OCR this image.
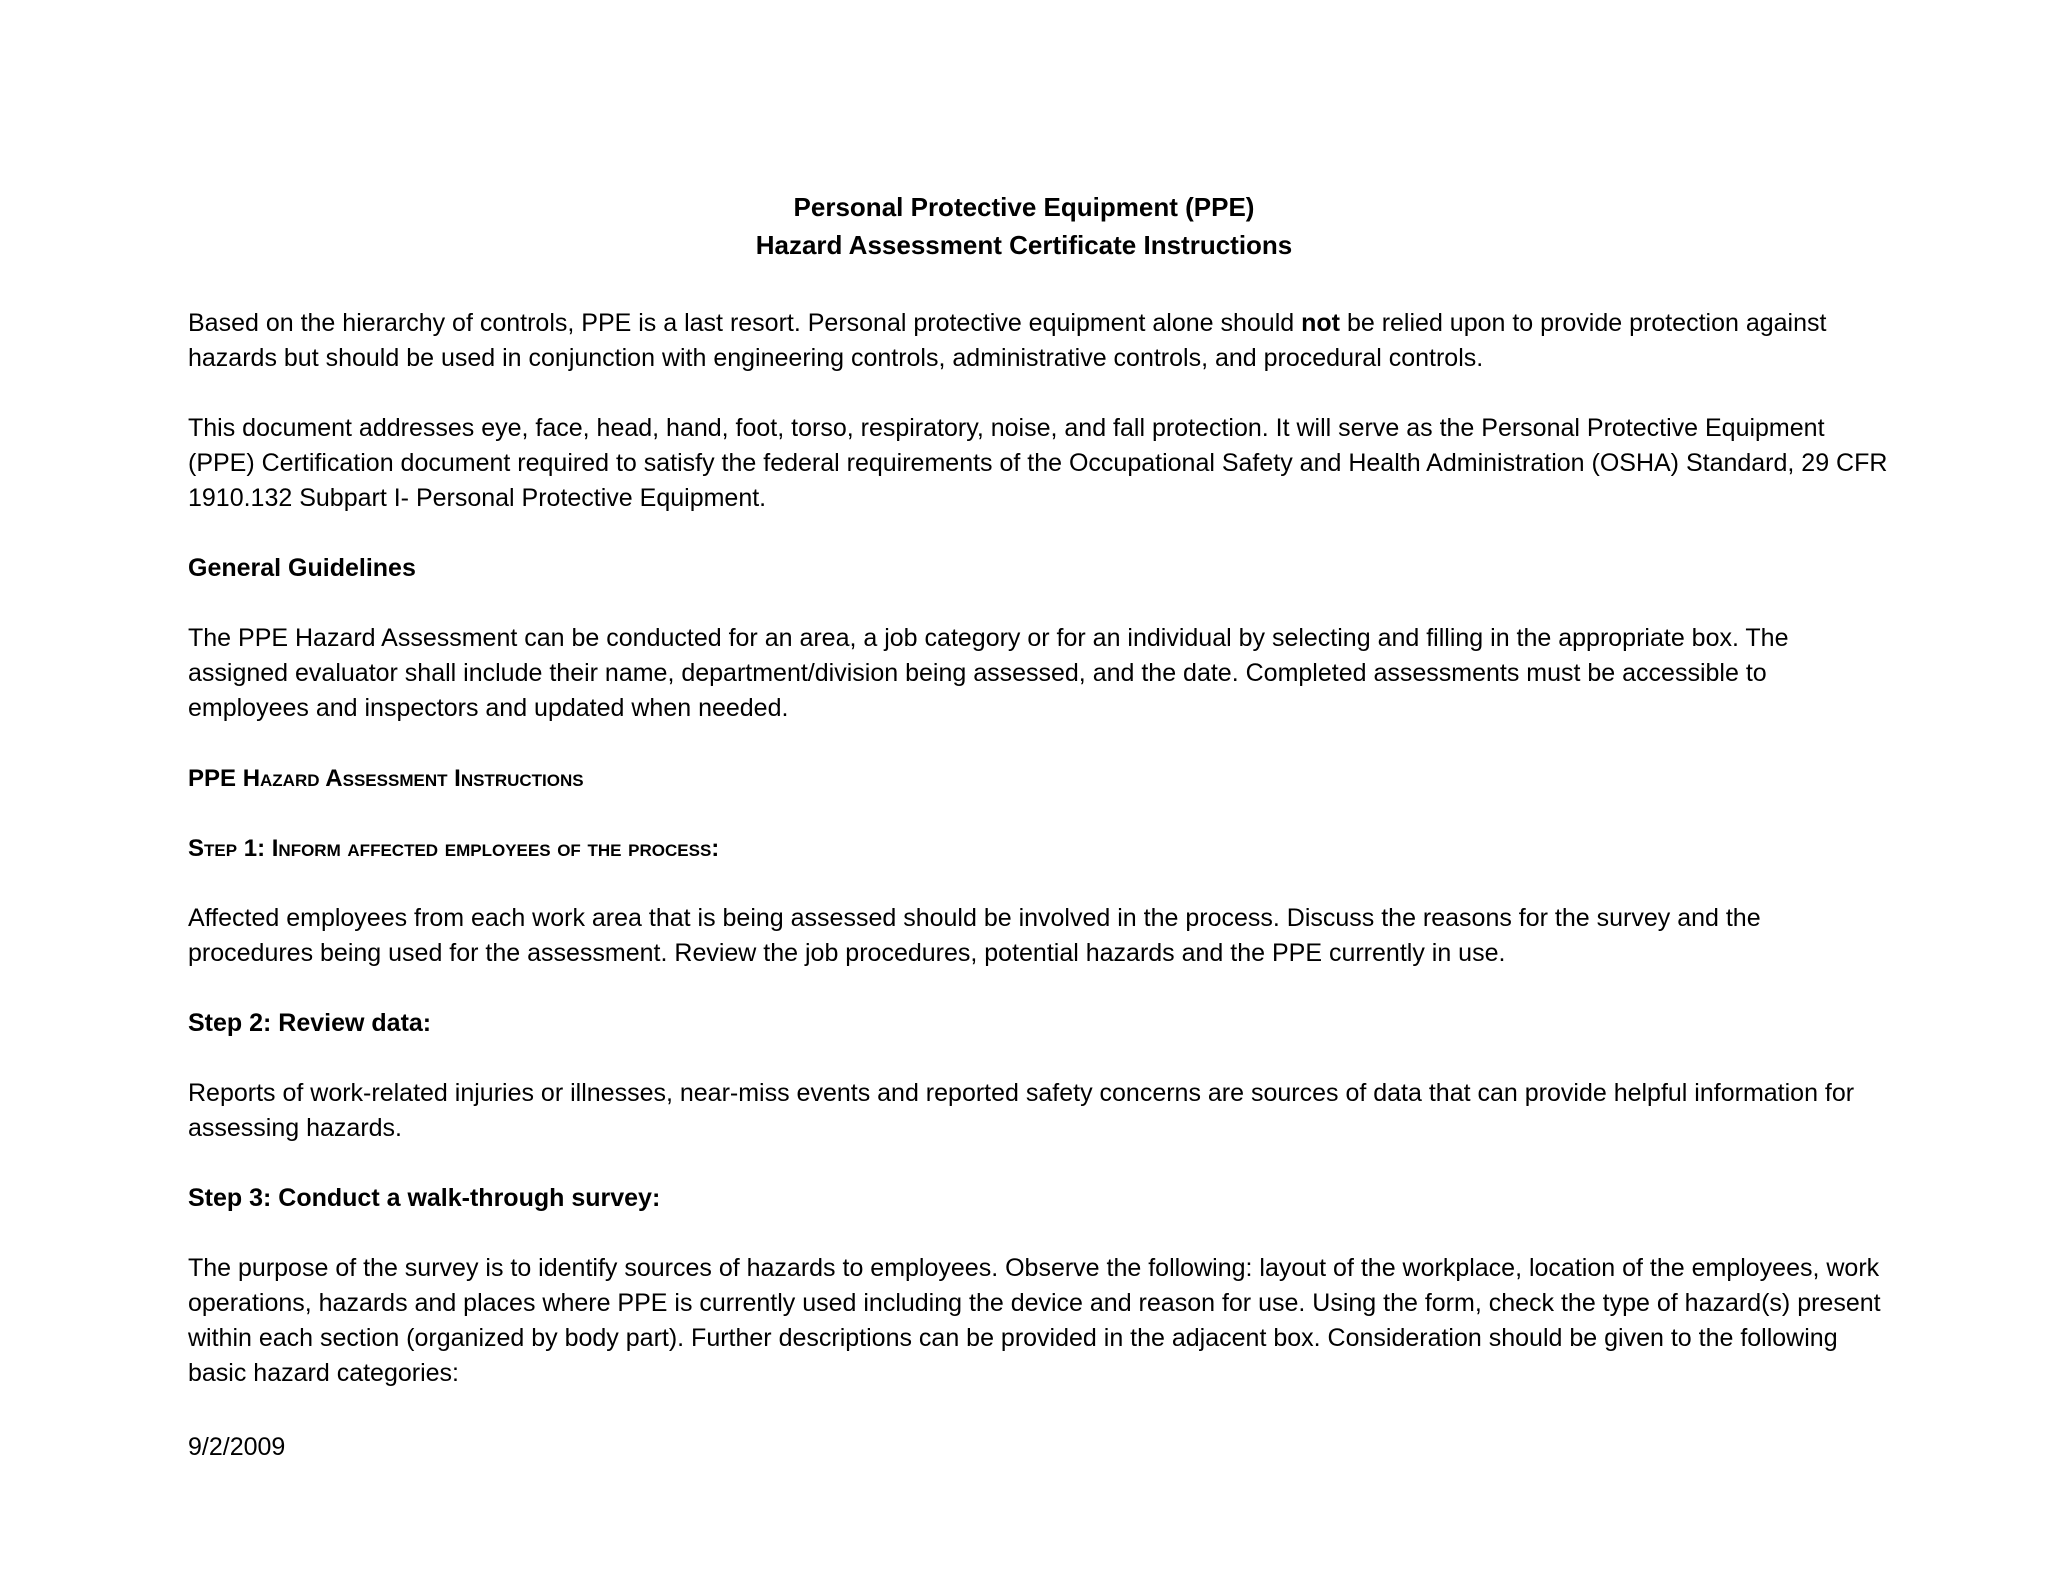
Personal Protective Equipment (PPE)
Hazard Assessment Certificate Instructions
Based on the hierarchy of controls, PPE is a last resort. Personal protective equipment alone should not be relied upon to provide protection against hazards but should be used in conjunction with engineering controls, administrative controls, and procedural controls.
This document addresses eye, face, head, hand, foot, torso, respiratory, noise, and fall protection. It will serve as the Personal Protective Equipment (PPE) Certification document required to satisfy the federal requirements of the Occupational Safety and Health Administration (OSHA) Standard, 29 CFR 1910.132 Subpart I- Personal Protective Equipment.
General Guidelines
The PPE Hazard Assessment can be conducted for an area, a job category or for an individual by selecting and filling in the appropriate box. The assigned evaluator shall include their name, department/division being assessed, and the date. Completed assessments must be accessible to employees and inspectors and updated when needed.
PPE Hazard Assessment Instructions
Step 1: Inform affected employees of the process:
Affected employees from each work area that is being assessed should be involved in the process. Discuss the reasons for the survey and the procedures being used for the assessment. Review the job procedures, potential hazards and the PPE currently in use.
Step 2: Review data:
Reports of work-related injuries or illnesses, near-miss events and reported safety concerns are sources of data that can provide helpful information for assessing hazards.
Step 3: Conduct a walk-through survey:
The purpose of the survey is to identify sources of hazards to employees. Observe the following: layout of the workplace, location of the employees, work operations, hazards and places where PPE is currently used including the device and reason for use. Using the form, check the type of hazard(s) present within each section (organized by body part). Further descriptions can be provided in the adjacent box. Consideration should be given to the following basic hazard categories:
9/2/2009
